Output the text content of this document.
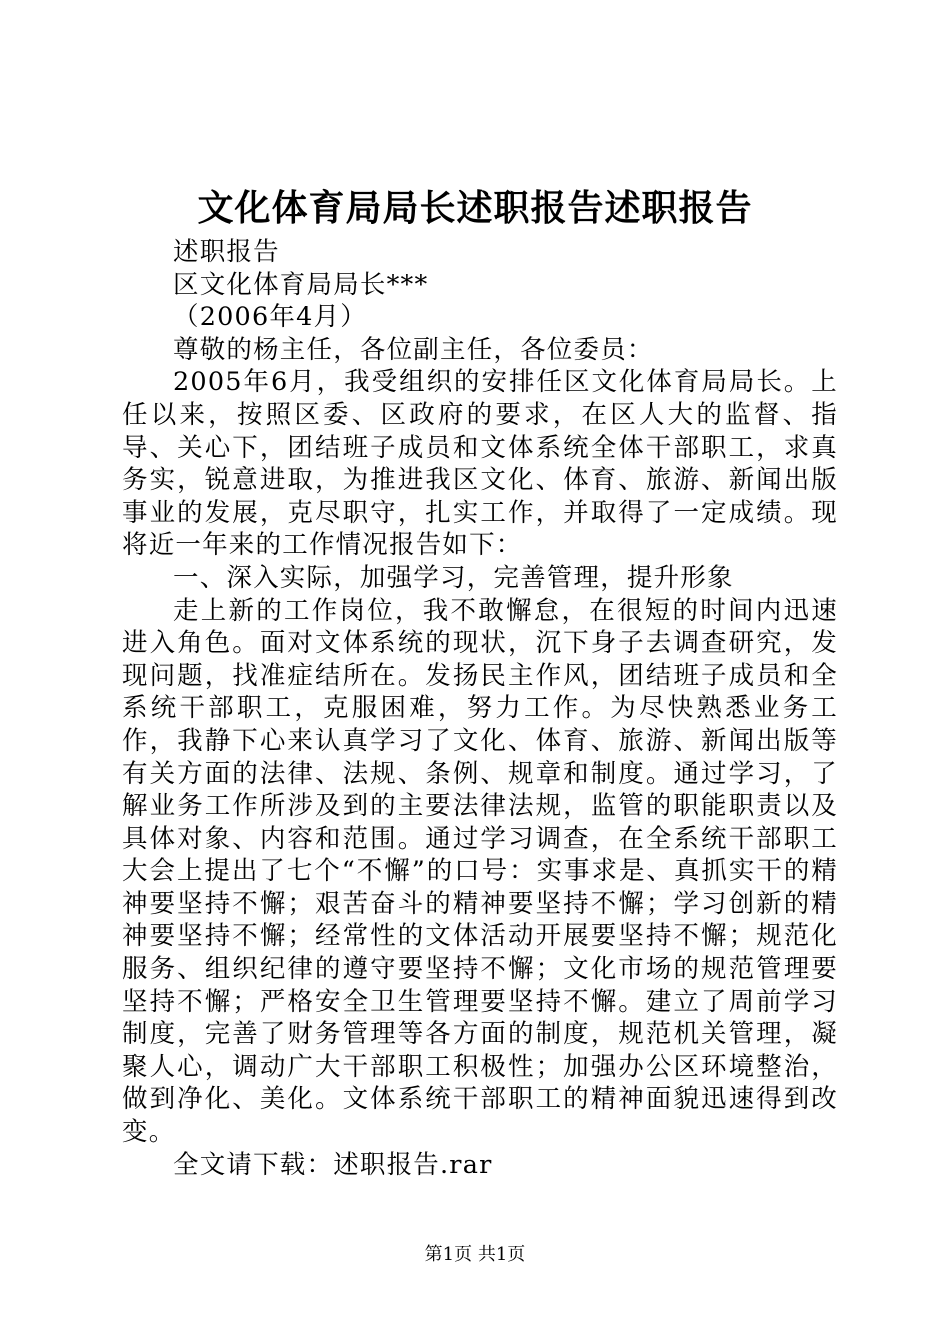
文化体育局局长述职报告述职报告

述职报告

区文化体育局局长***

（2006年4月）

尊敬的杨主任，各位副主任，各位委员：

2005年6月，我受组织的安排任区文化体育局局长。上任以来，按照区委、区政府的要求，在区人大的监督、指导、关心下，团结班子成员和文体系统全体干部职工，求真务实，锐意进取，为推进我区文化、体育、旅游、新闻出版事业的发展，克尽职守，扎实工作，并取得了一定成绩。现将近一年来的工作情况报告如下：

一、深入实际，加强学习，完善管理，提升形象

走上新的工作岗位，我不敢懈怠，在很短的时间内迅速进入角色。面对文体系统的现状，沉下身子去调查研究，发现问题，找准症结所在。发扬民主作风，团结班子成员和全系统干部职工，克服困难，努力工作。为尽快熟悉业务工作，我静下心来认真学习了文化、体育、旅游、新闻出版等有关方面的法律、法规、条例、规章和制度。通过学习，了解业务工作所涉及到的主要法律法规，监管的职能职责以及具体对象、内容和范围。通过学习调查，在全系统干部职工大会上提出了七个“不懈”的口号：实事求是、真抓实干的精神要坚持不懈；艰苦奋斗的精神要坚持不懈；学习创新的精神要坚持不懈；经常性的文体活动开展要坚持不懈；规范化服务、组织纪律的遵守要坚持不懈；文化市场的规范管理要坚持不懈；严格安全卫生管理要坚持不懈。建立了周前学习制度，完善了财务管理等各方面的制度，规范机关管理，凝聚人心，调动广大干部职工积极性；加强办公区环境整治，做到净化、美化。文体系统干部职工的精神面貌迅速得到改变。

全文请下载：述职报告.rar

第1页 共1页
